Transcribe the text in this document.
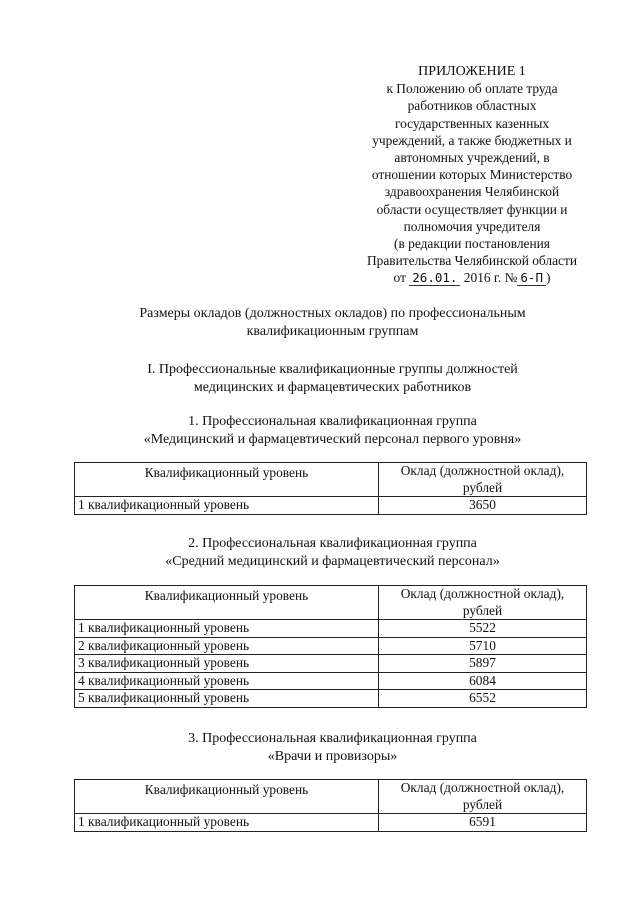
ПРИЛОЖЕНИЕ 1
к Положению об оплате труда
работников областных
государственных казенных
учреждений, а также бюджетных и
автономных учреждений, в
отношении которых Министерство
здравоохранения Челябинской
области осуществляет функции и
полномочия учредителя
(в редакции постановления
Правительства Челябинской области
от 26.01. 2016 г. № 6-П )
Размеры окладов (должностных окладов) по профессиональным
квалификационным группам
I. Профессиональные квалификационные группы должностей
медицинских и фармацевтических работников
1. Профессиональная квалификационная группа
«Медицинский и фармацевтический персонал первого уровня»
Квалификационный уровень	Оклад (должностной оклад),
рублей
1 квалификационный уровень	3650
2. Профессиональная квалификационная группа
«Средний медицинский и фармацевтический персонал»
Квалификационный уровень	Оклад (должностной оклад),
рублей
1 квалификационный уровень	5522
2 квалификационный уровень	5710
3 квалификационный уровень	5897
4 квалификационный уровень	6084
5 квалификационный уровень	6552
3. Профессиональная квалификационная группа
«Врачи и провизоры»
Квалификационный уровень	Оклад (должностной оклад),
рублей
1 квалификационный уровень	6591
